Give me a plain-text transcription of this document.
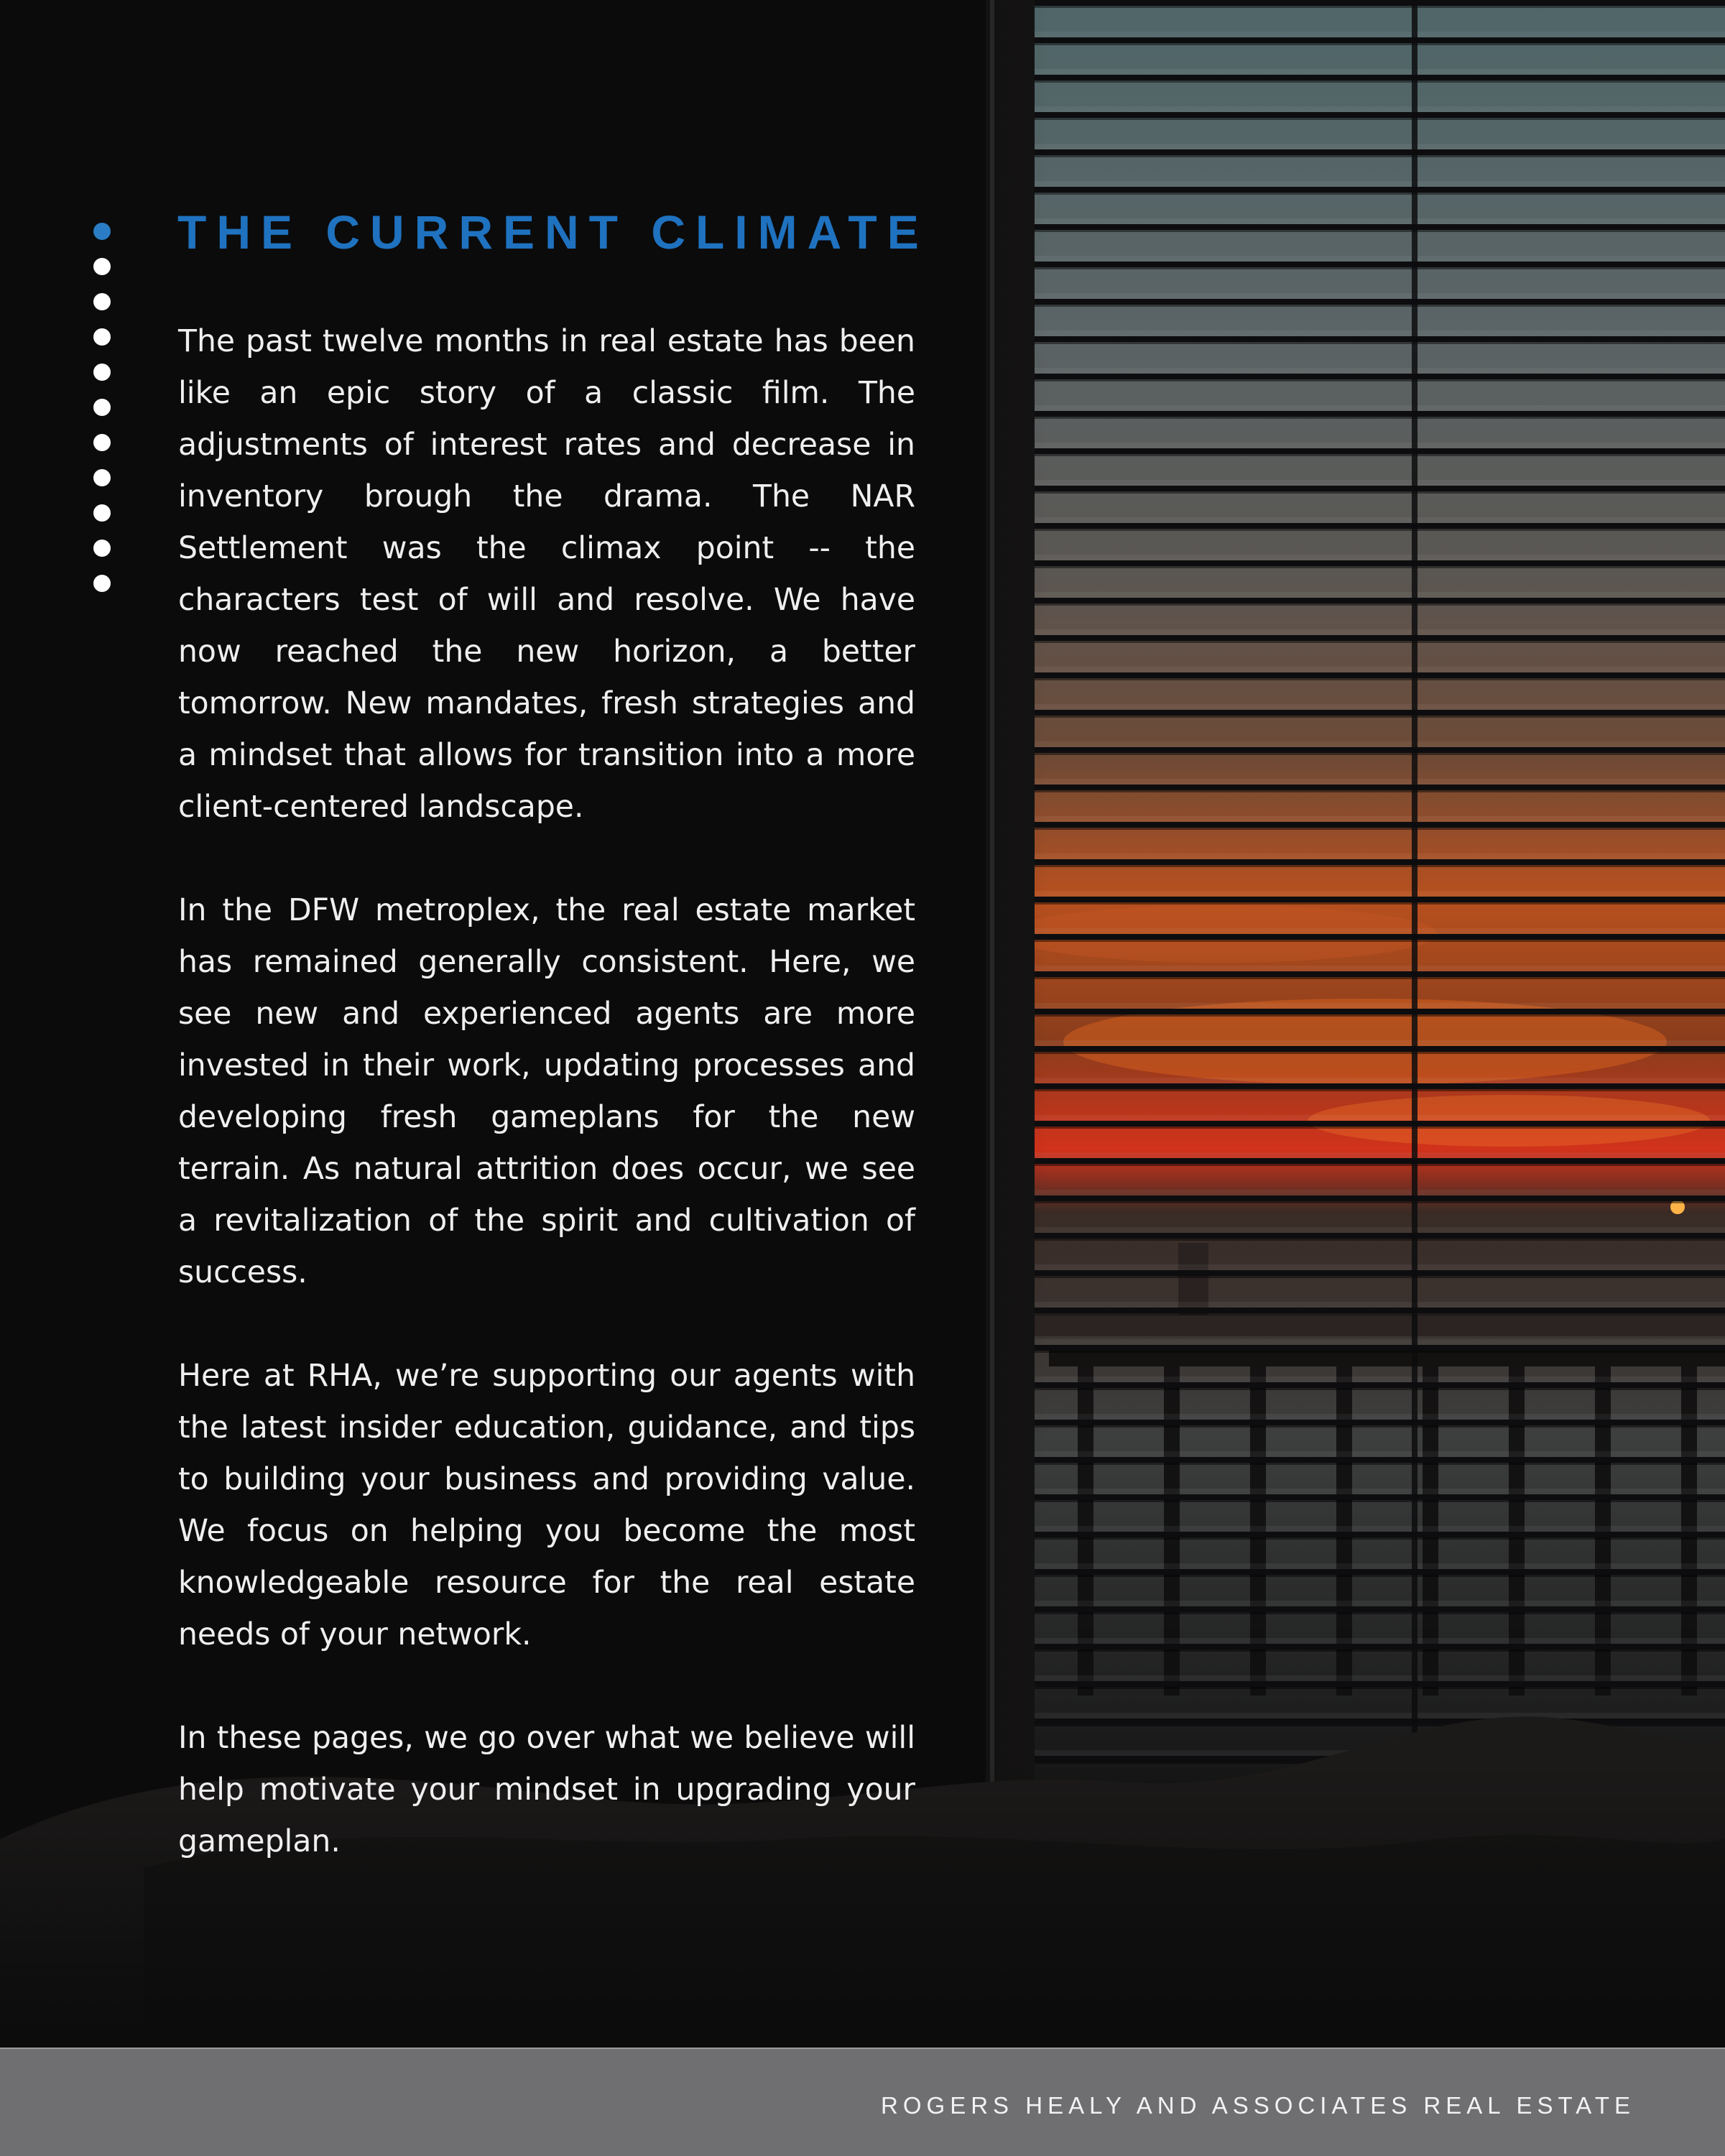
THE CURRENT CLIMATE

The past twelve months in real estate has been like an epic story of a classic film. The adjustments of interest rates and decrease in inventory brough the drama. The NAR Settlement was the climax point -- the characters test of will and resolve. We have now reached the new horizon, a better tomorrow. New mandates, fresh strategies and a mindset that allows for transition into a more client-centered landscape.

In the DFW metroplex, the real estate market has remained generally consistent. Here, we see new and experienced agents are more invested in their work, updating processes and developing fresh gameplans for the new terrain. As natural attrition does occur, we see a revitalization of the spirit and cultivation of success.

Here at RHA, we’re supporting our agents with the latest insider education, guidance, and tips to building your business and providing value. We focus on helping you become the most knowledgeable resource for the real estate needs of your network.

In these pages, we go over what we believe will help motivate your mindset in upgrading your gameplan.

ROGERS HEALY AND ASSOCIATES REAL ESTATE
